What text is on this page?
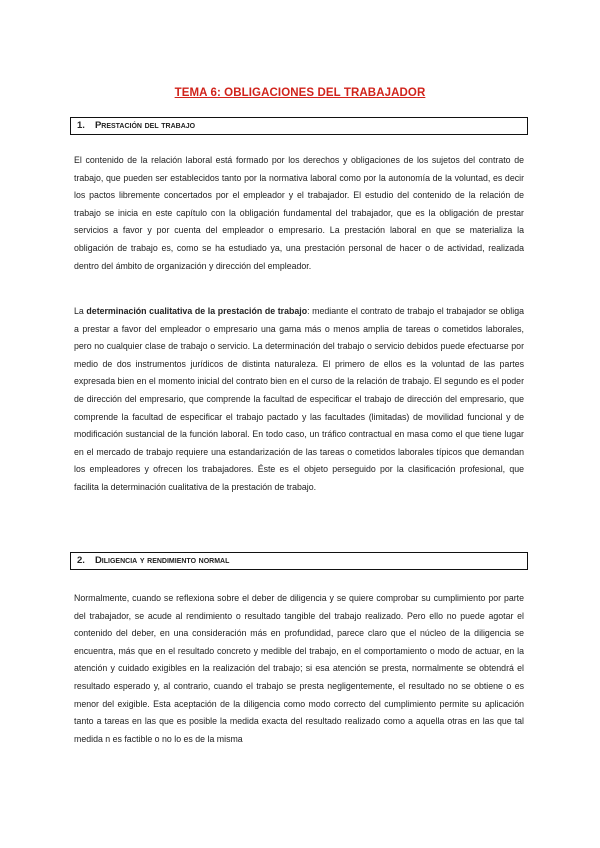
TEMA 6: OBLIGACIONES DEL TRABAJADOR
1. Prestación del trabajo

El contenido de la relación laboral está formado por los derechos y obligaciones de los sujetos del contrato de trabajo, que pueden ser establecidos tanto por la normativa laboral como por la autonomía de la voluntad, es decir los pactos libremente concertados por el empleador y el trabajador. El estudio del contenido de la relación de trabajo se inicia en este capítulo con la obligación fundamental del trabajador, que es la obligación de prestar servicios a favor y por cuenta del empleador o empresario. La prestación laboral en que se materializa la obligación de trabajo es, como se ha estudiado ya, una prestación personal de hacer o de actividad, realizada dentro del ámbito de organización y dirección del empleador.

La determinación cualitativa de la prestación de trabajo: mediante el contrato de trabajo el trabajador se obliga a prestar a favor del empleador o empresario una gama más o menos amplia de tareas o cometidos laborales, pero no cualquier clase de trabajo o servicio. La determinación del trabajo o servicio debidos puede efectuarse por medio de dos instrumentos jurídicos de distinta naturaleza. El primero de ellos es la voluntad de las partes expresada bien en el momento inicial del contrato bien en el curso de la relación de trabajo. El segundo es el poder de dirección del empresario, que comprende la facultad de especificar el trabajo de dirección del empresario, que comprende la facultad de especificar el trabajo pactado y las facultades (limitadas) de movilidad funcional y de modificación sustancial de la función laboral. En todo caso, un tráfico contractual en masa como el que tiene lugar en el mercado de trabajo requiere una estandarización de las tareas o cometidos laborales típicos que demandan los empleadores y ofrecen los trabajadores. Éste es el objeto perseguido por la clasificación profesional, que facilita la determinación cualitativa de la prestación de trabajo.

2. Diligencia y rendimiento normal

Normalmente, cuando se reflexiona sobre el deber de diligencia y se quiere comprobar su cumplimiento por parte del trabajador, se acude al rendimiento o resultado tangible del trabajo realizado. Pero ello no puede agotar el contenido del deber, en una consideración más en profundidad, parece claro que el núcleo de la diligencia se encuentra, más que en el resultado concreto y medible del trabajo, en el comportamiento o modo de actuar, en la atención y cuidado exigibles en la realización del trabajo; si esa atención se presta, normalmente se obtendrá el resultado esperado y, al contrario, cuando el trabajo se presta negligentemente, el resultado no se obtiene o es menor del exigible. Esta aceptación de la diligencia como modo correcto del cumplimiento permite su aplicación tanto a tareas en las que es posible la medida exacta del resultado realizado como a aquella otras en las que tal medida n es factible o no lo es de la misma
